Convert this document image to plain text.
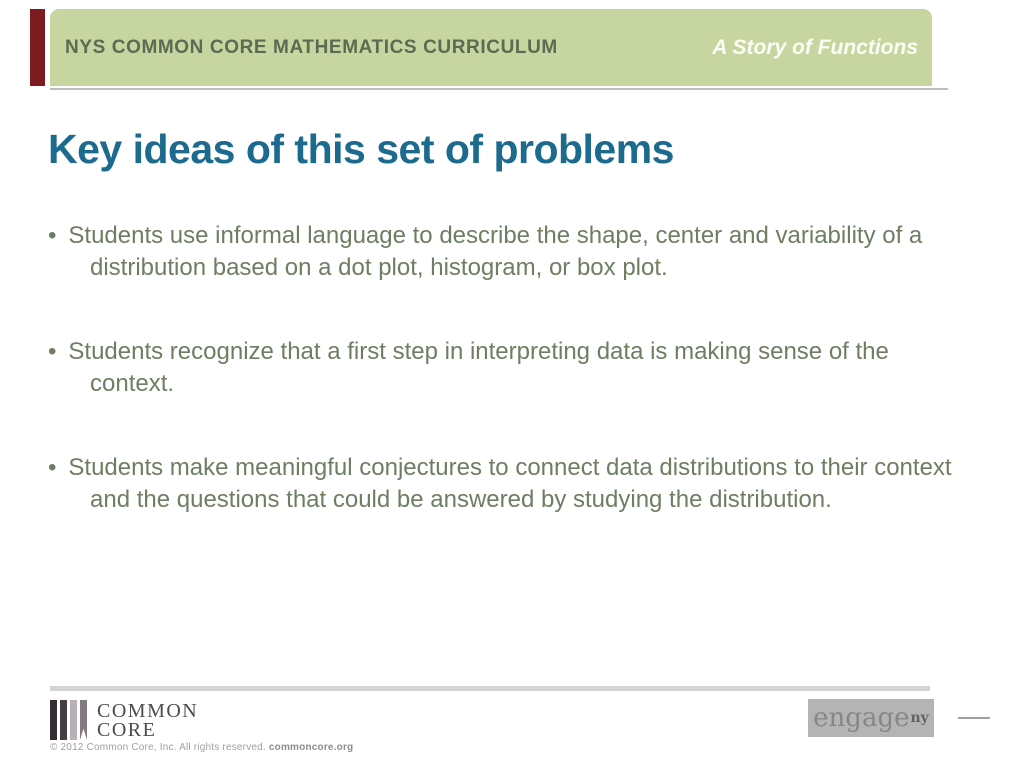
NYS COMMON CORE MATHEMATICS CURRICULUM	A Story of Functions
Key ideas of this set of problems
• Students use informal language to describe the shape, center and variability of a distribution based on a dot plot, histogram, or box plot.
• Students recognize that a first step in interpreting data is making sense of the context.
• Students make meaningful conjectures to connect data distributions to their context and the questions that could be answered by studying the distribution.
COMMON
CORE
© 2012 Common Core, Inc. All rights reserved. commoncore.org
engage ny
